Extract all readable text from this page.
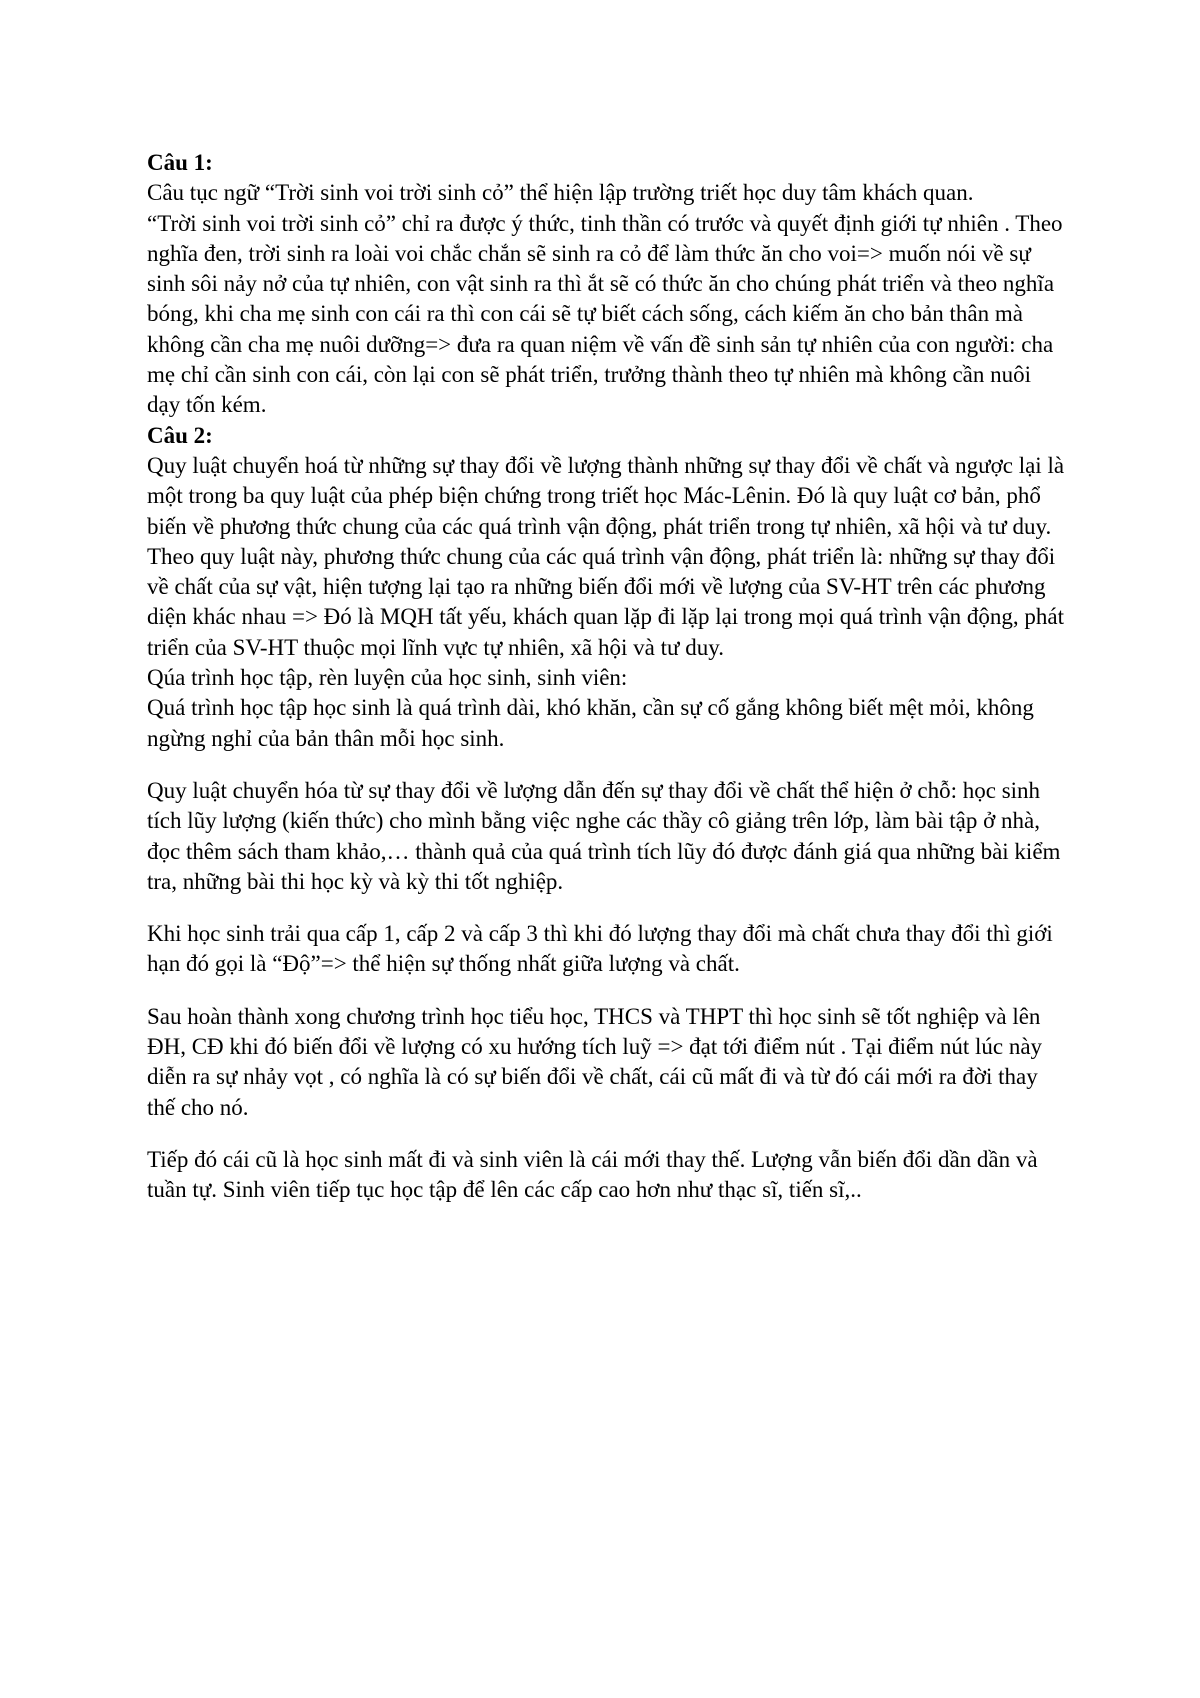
Câu 1:

Câu tục ngữ “Trời sinh voi trời sinh cỏ” thể hiện lập trường triết học duy tâm khách quan.

“Trời sinh voi trời sinh cỏ” chỉ ra được ý thức, tinh thần có trước và quyết định giới tự nhiên . Theo nghĩa đen, trời sinh ra loài voi chắc chắn sẽ sinh ra cỏ để làm thức ăn cho voi=> muốn nói về sự sinh sôi nảy nở của tự nhiên, con vật sinh ra thì ắt sẽ có thức ăn cho chúng phát triển và theo nghĩa bóng, khi cha mẹ sinh con cái ra thì con cái sẽ tự biết cách sống, cách kiếm ăn cho bản thân mà không cần cha mẹ nuôi dưỡng=> đưa ra quan niệm về vấn đề sinh sản tự nhiên của con người: cha mẹ chỉ cần sinh con cái, còn lại con sẽ phát triển, trưởng thành theo tự nhiên mà không cần nuôi dạy tốn kém.

Câu 2:

Quy luật chuyển hoá từ những sự thay đổi về lượng thành những sự thay đổi về chất và ngược lại là một trong ba quy luật của phép biện chứng trong triết học Mác-Lênin. Đó là quy luật cơ bản, phổ biến về phương thức chung của các quá trình vận động, phát triển trong tự nhiên, xã hội và tư duy.

Theo quy luật này, phương thức chung của các quá trình vận động, phát triển là: những sự thay đổi về chất của sự vật, hiện tượng lại tạo ra những biến đổi mới về lượng của SV-HT trên các phương diện khác nhau => Đó là MQH tất yếu, khách quan lặp đi lặp lại trong mọi quá trình vận động, phát triển của SV-HT thuộc mọi lĩnh vực tự nhiên, xã hội và tư duy.

Qúa trình học tập, rèn luyện của học sinh, sinh viên:

Quá trình học tập học sinh là quá trình dài, khó khăn, cần sự cố gắng không biết mệt mỏi, không ngừng nghỉ của bản thân mỗi học sinh.

Quy luật chuyển hóa từ sự thay đổi về lượng dẫn đến sự thay đổi về chất thể hiện ở chỗ: học sinh tích lũy lượng (kiến thức) cho mình bằng việc nghe các thầy cô giảng trên lớp, làm bài tập ở nhà, đọc thêm sách tham khảo,… thành quả của quá trình tích lũy đó được đánh giá qua những bài kiểm tra, những bài thi học kỳ và kỳ thi tốt nghiệp.

Khi học sinh trải qua cấp 1, cấp 2 và cấp 3 thì khi đó lượng thay đổi mà chất chưa thay đổi thì giới hạn đó gọi là “Độ”=> thể hiện sự thống nhất giữa lượng và chất.

Sau hoàn thành xong chương trình học tiểu học, THCS và THPT thì học sinh sẽ tốt nghiệp và lên ĐH, CĐ khi đó biến đổi về lượng có xu hướng tích luỹ => đạt tới điểm nút . Tại điểm nút lúc này diễn ra sự nhảy vọt , có nghĩa là có sự biến đổi về chất, cái cũ mất đi và từ đó cái mới ra đời thay thế cho nó.

Tiếp đó cái cũ là học sinh mất đi và sinh viên là cái mới thay thế. Lượng vẫn biến đổi dần dần và tuần tự. Sinh viên tiếp tục học tập để lên các cấp cao hơn như thạc sĩ, tiến sĩ,..
